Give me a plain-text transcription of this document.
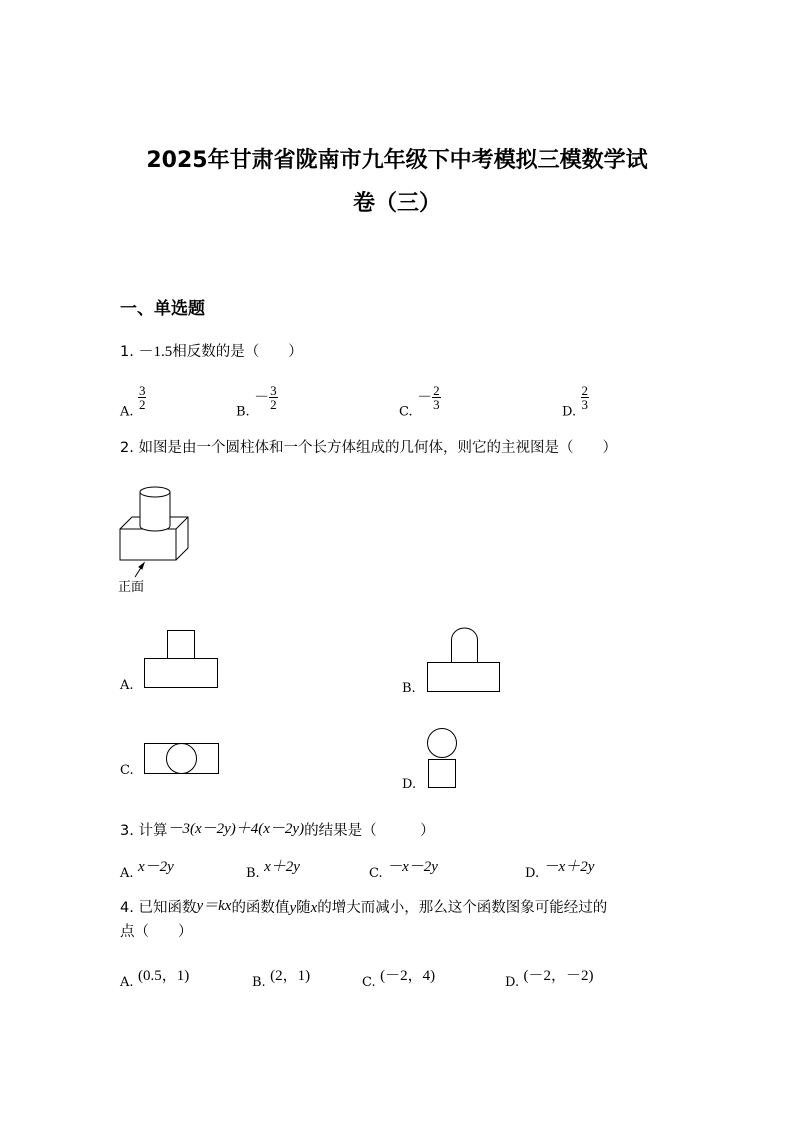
2025年甘肃省陇南市九年级下中考模拟三模数学试
卷（三）
一、单选题
1. －1.5相反数的是（　　）
A.
$\frac{3}{2}$
B. － $\frac{3}{2}$
C. － $\frac{2}{3}$
D.
$\frac{2}{3}$
2. 如图是由一个圆柱体和一个长方体组成的几何体，则它的主视图是（　　）
正面
A.	B.
C.
D.
3. 计算－3(x－2y)＋4(x－2y)的结果是（　　　）
A. x－2y	B. x＋2y	C. －x－2y	D. －x＋2y
4. 已知函数y＝kx的函数值y随x的增大而减小，那么这个函数图象可能经过的
点（　　）
A. (0.5，1)	B. (2，1)	C. (－2，4)	D. (－2，－2)
